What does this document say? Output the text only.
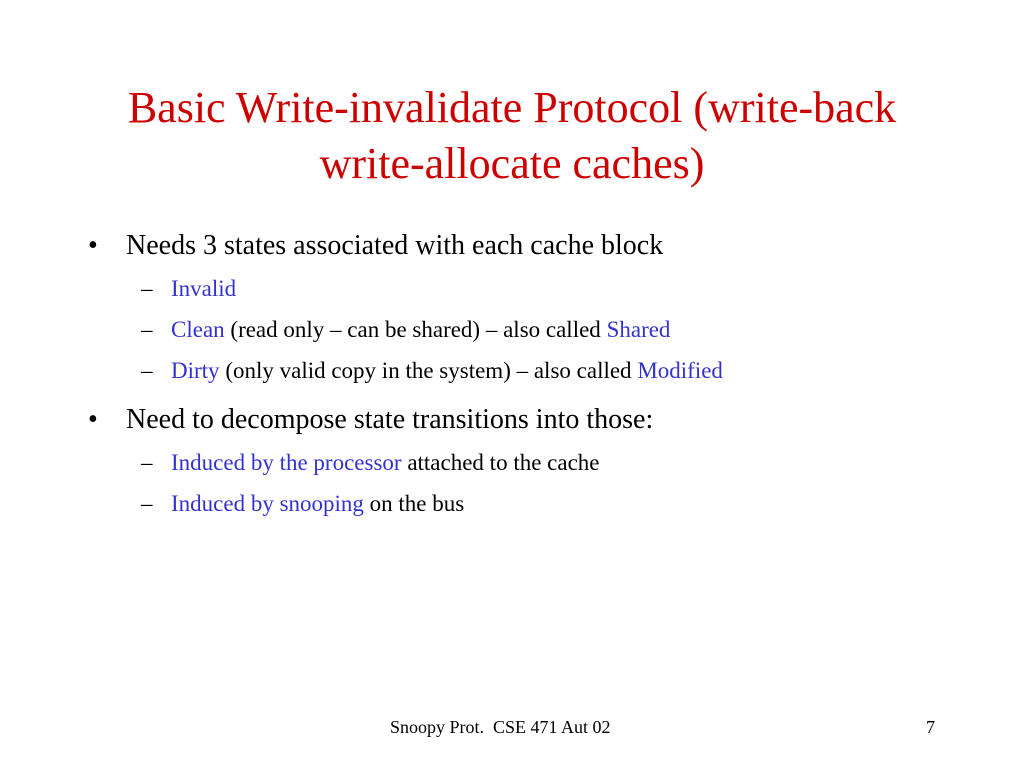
Basic Write-invalidate Protocol (write-back
write-allocate caches)
• Needs 3 states associated with each cache block
– Invalid
– Clean (read only – can be shared) – also called Shared
– Dirty (only valid copy in the system) – also called Modified
• Need to decompose state transitions into those:
– Induced by the processor attached to the cache
– Induced by snooping on the bus
Snoopy Prot.  CSE 471 Aut 02	7
